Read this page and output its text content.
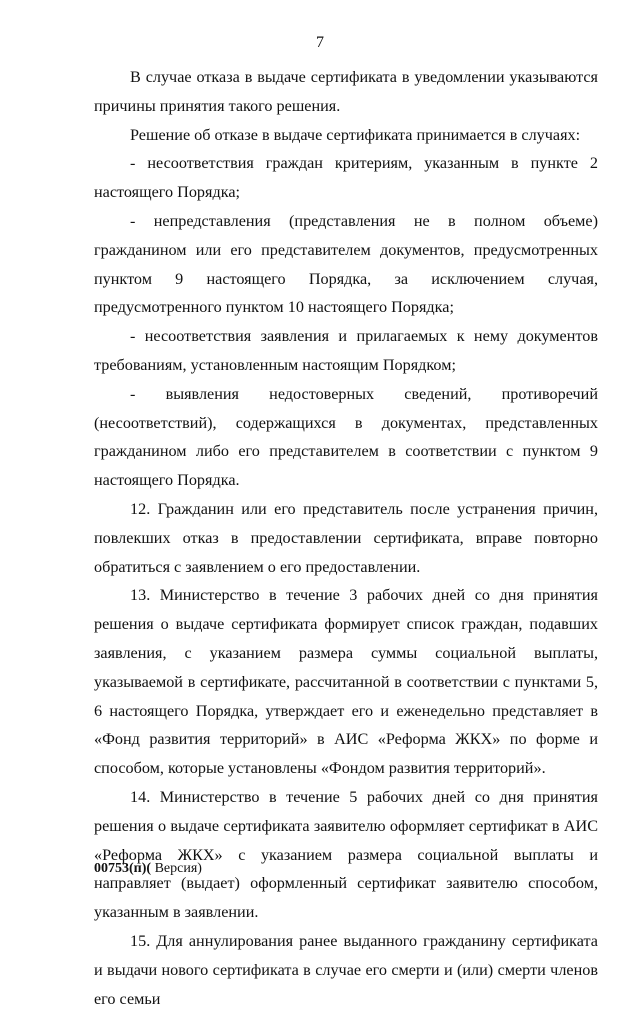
7

В случае отказа в выдаче сертификата в уведомлении указываются причины принятия такого решения.

Решение об отказе в выдаче сертификата принимается в случаях:

- несоответствия граждан критериям, указанным в пункте 2 настоящего Порядка;

- непредставления (представления не в полном объеме) гражданином или его представителем документов, предусмотренных пунктом 9 настоящего Порядка, за исключением случая, предусмотренного пунктом 10 настоящего Порядка;

- несоответствия заявления и прилагаемых к нему документов требованиям, установленным настоящим Порядком;

- выявления недостоверных сведений, противоречий (несоответствий), содержащихся в документах, представленных гражданином либо его представителем в соответствии с пунктом 9 настоящего Порядка.

12. Гражданин или его представитель после устранения причин, повлекших отказ в предоставлении сертификата, вправе повторно обратиться с заявлением о его предоставлении.

13. Министерство в течение 3 рабочих дней со дня принятия решения о выдаче сертификата формирует список граждан, подавших заявления, с указанием размера суммы социальной выплаты, указываемой в сертификате, рассчитанной в соответствии с пунктами 5, 6 настоящего Порядка, утверждает его и еженедельно представляет в «Фонд развития территорий» в АИС «Реформа ЖКХ» по форме и способом, которые установлены «Фондом развития территорий».

14. Министерство в течение 5 рабочих дней со дня принятия решения о выдаче сертификата заявителю оформляет сертификат в АИС «Реформа ЖКХ» с указанием размера социальной выплаты и направляет (выдает) оформленный сертификат заявителю способом, указанным в заявлении.

15. Для аннулирования ранее выданного гражданину сертификата и выдачи нового сертификата в случае его смерти и (или) смерти членов его семьи

00753(п)( Версия)
